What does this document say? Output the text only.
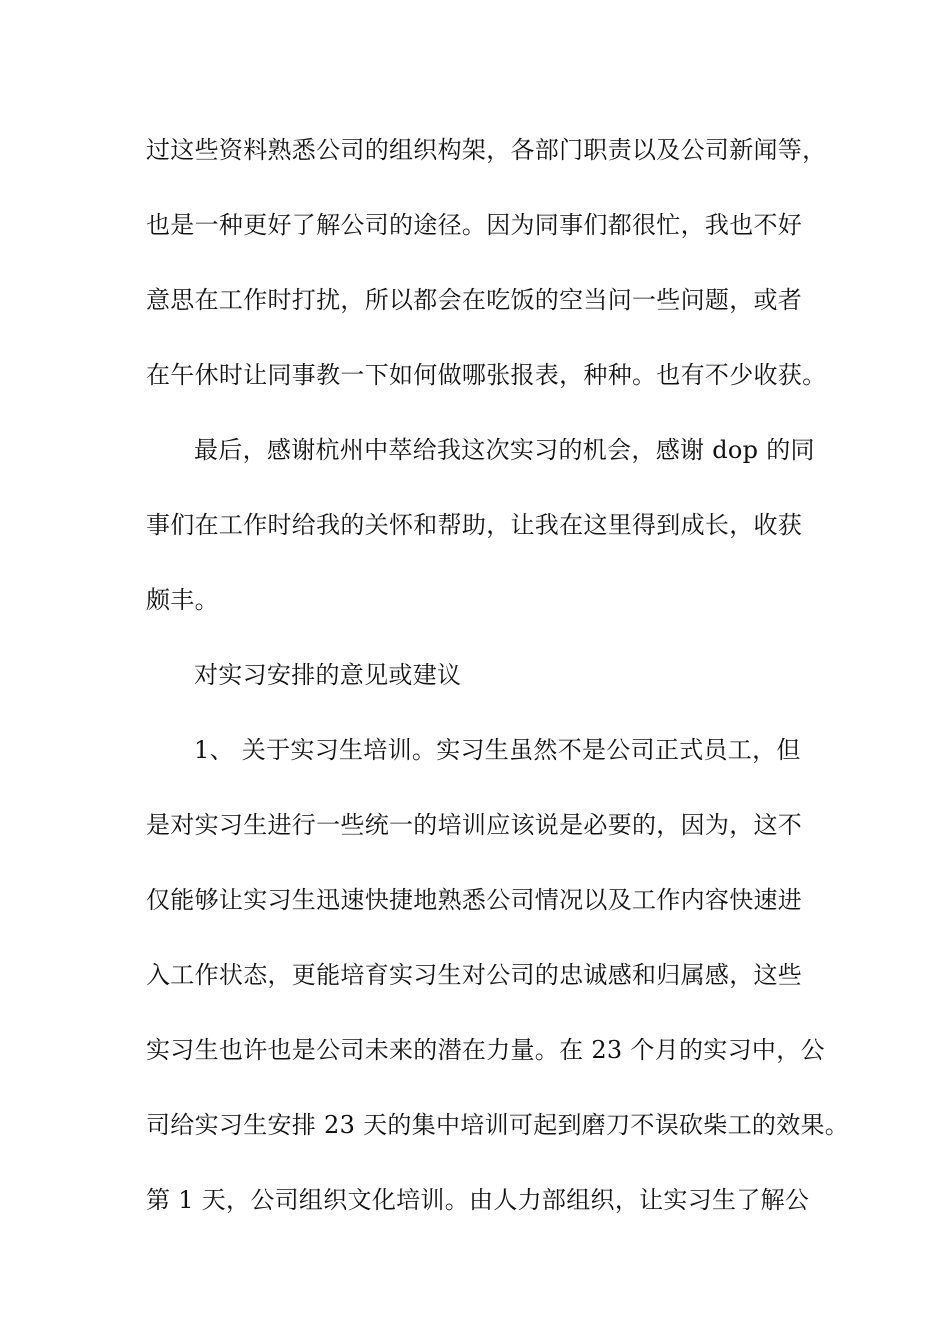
过这些资料熟悉公司的组织构架，各部门职责以及公司新闻等，
也是一种更好了解公司的途径。因为同事们都很忙，我也不好
意思在工作时打扰，所以都会在吃饭的空当问一些问题，或者
在午休时让同事教一下如何做哪张报表，种种。也有不少收获。
最后，感谢杭州中萃给我这次实习的机会，感谢 dop 的同
事们在工作时给我的关怀和帮助，让我在这里得到成长，收获
颇丰。
对实习安排的意见或建议
1、 关于实习生培训。实习生虽然不是公司正式员工，但
是对实习生进行一些统一的培训应该说是必要的，因为，这不
仅能够让实习生迅速快捷地熟悉公司情况以及工作内容快速进
入工作状态，更能培育实习生对公司的忠诚感和归属感，这些
实习生也许也是公司未来的潜在力量。在 23 个月的实习中，公
司给实习生安排 23 天的集中培训可起到磨刀不误砍柴工的效果。
第 1 天，公司组织文化培训。由人力部组织，让实习生了解公
